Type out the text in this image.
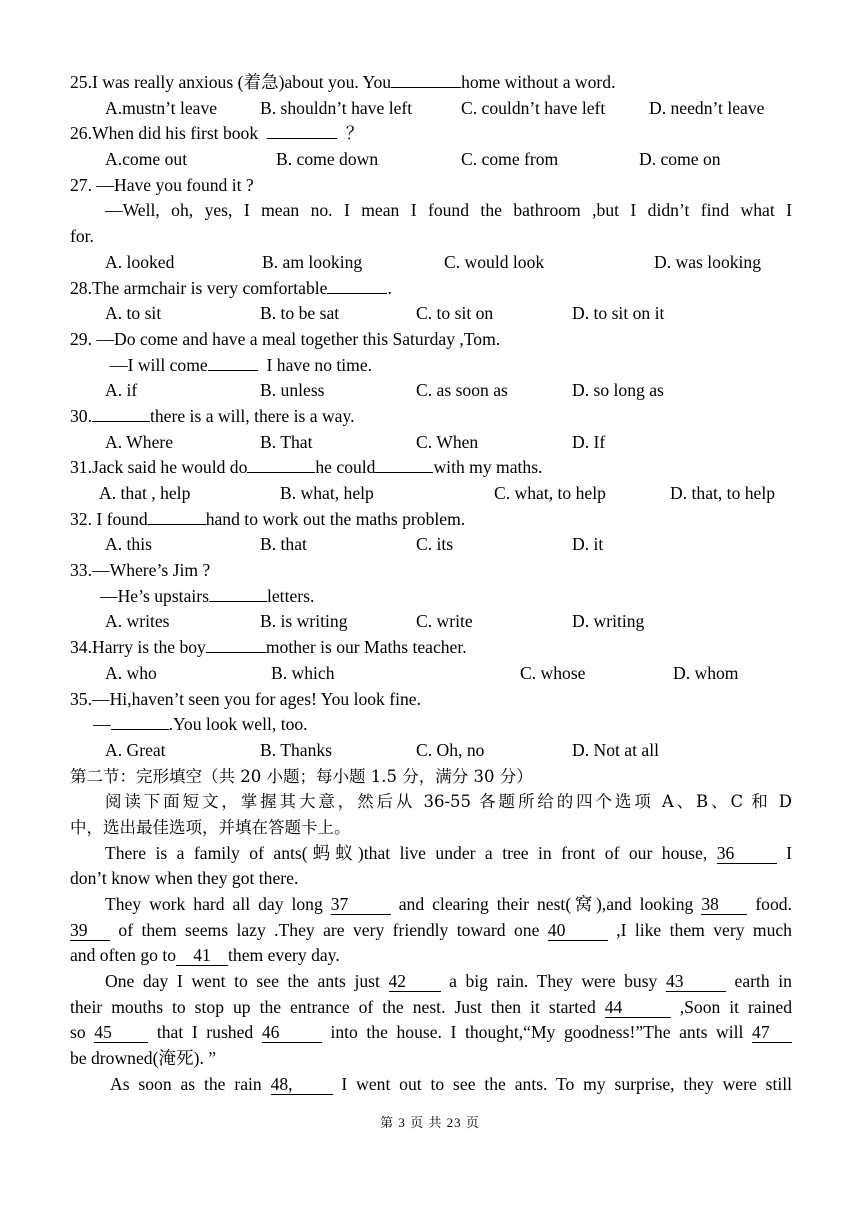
25.I was really anxious (着急)about you. You	home without a word.
A.mustn’t leave B. shouldn’t have left	C. couldn’t have left D. needn’t leave
26.When did his first book	？
A.come out	B. come down	C. come from	D. come on
27. —Have you found it ?
—Well, oh, yes, I mean no. I mean I found the bathroom ,but I didn’t find what I
for.
A. looked	B. am looking	C. would look	D. was looking
28.The armchair is very comfortable	.
A. to sit	B. to be sat	C. to sit on	D. to sit on it
29. —Do come and have a meal together this Saturday ,Tom.
—I will come	I have no time.
A. if	B. unless	C. as soon as	D. so long as
30.	there is a will, there is a way.
A. Where	B. That	C. When	D. If
31.Jack said he would do	he could	with my maths.
A. that , help	B. what, help	C. what, to help	D. that, to help
32. I found	hand to work out the maths problem.
A. this	B. that	C. its	D. it
33.—Where’s Jim ?
—He’s upstairs	letters.
A. writes	B. is writing	C. write	D. writing
34.Harry is the boy	mother is our Maths teacher.
A. who	B. which	C. whose	D. whom
35.—Hi,haven’t seen you for ages! You look fine.
—	.You look well, too.
A. Great	B. Thanks	C. Oh, no	D. Not at all
第二节：完形填空（共 20 小题；每小题 1.5 分，满分 30 分）
阅读下面短文，掌握其大意，然后从 36-55 各题所给的四个选项 A、B、C 和 D
中，选出最佳选项，并填在答题卡上。
There is a family of ants(蚂蚁)that live under a tree in front of our house, 36	I
don’t know when they got there.
They work hard all day long 37	and clearing their nest(窝),and looking 38 food.
39 of them seems lazy .They are very friendly toward one 40	,I like them very much
and often go to 41 them every day.
One day I went to see the ants just 42 a big rain. They were busy 43	earth in
their mouths to stop up the entrance of the nest. Just then it started 44	,Soon it rained
so 45	that I rushed 46	into the house. I thought,“My goodness!”The ants will 47
be drowned(淹死). ”
As soon as the rain 48,	I went out to see the ants. To my surprise, they were still
第 3 页 共 23 页
